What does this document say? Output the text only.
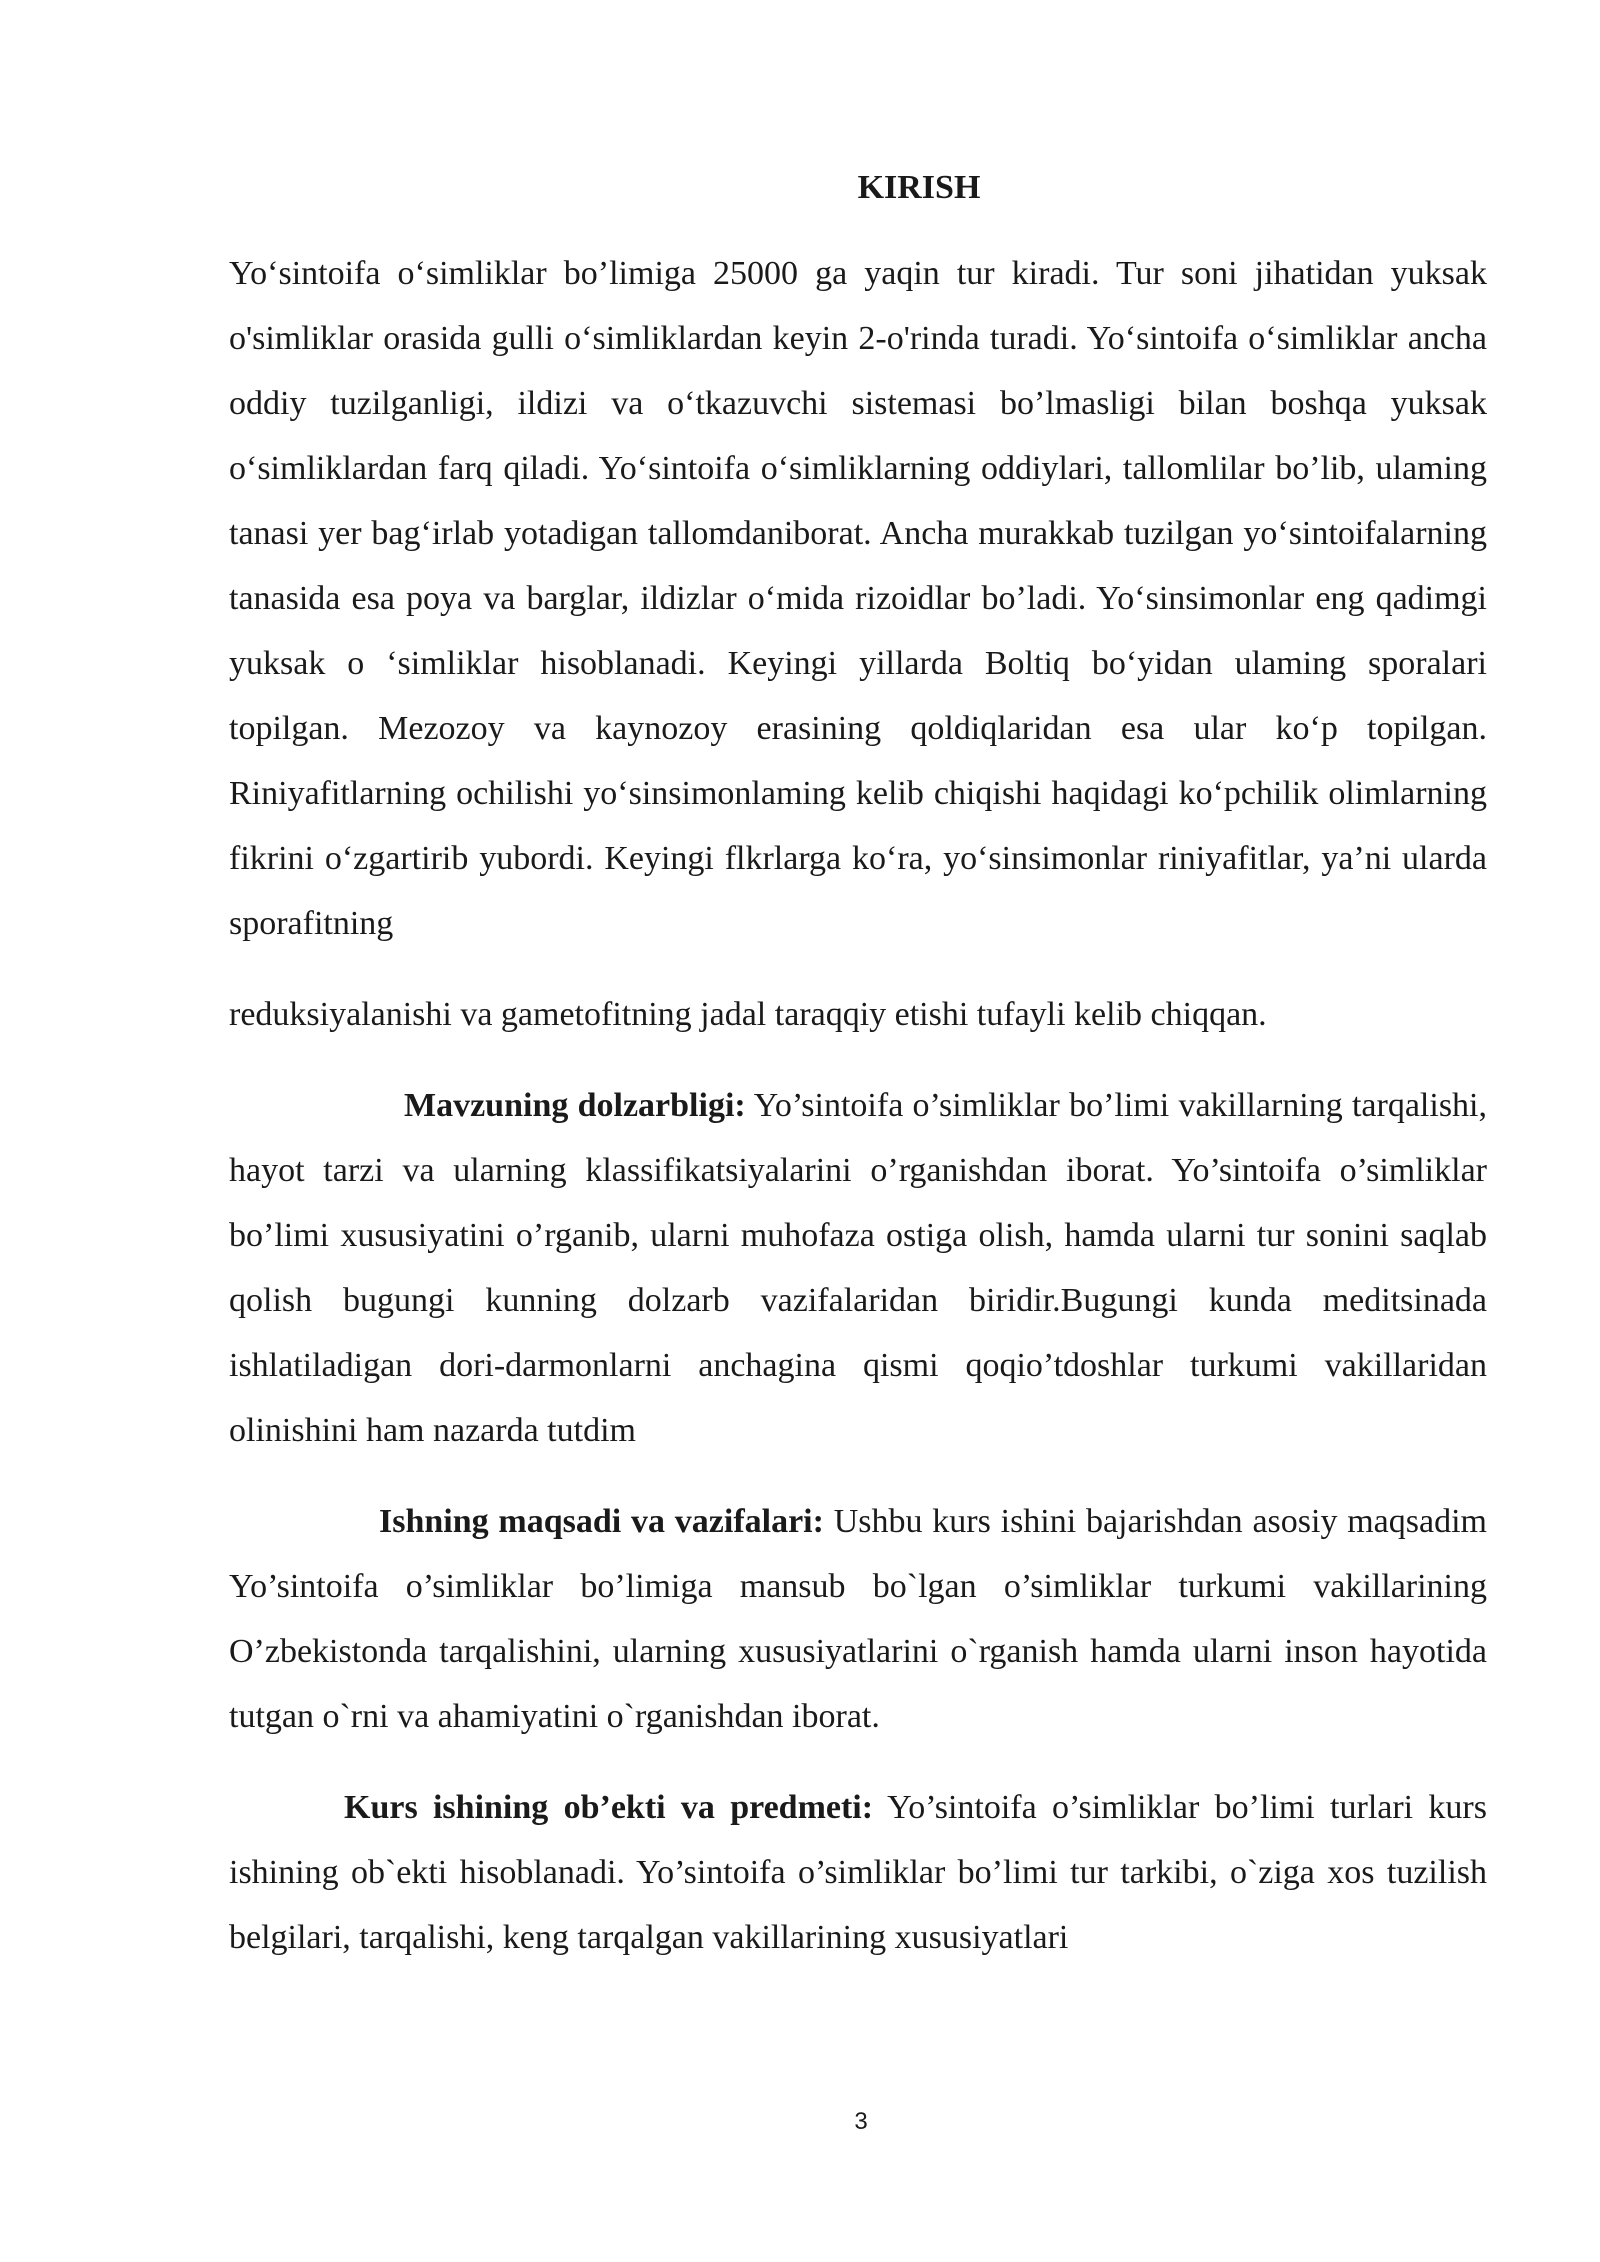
KIRISH

Yo‘sintoifa o‘simliklar bo’limiga 25000 ga yaqin tur kiradi. Tur soni jihatidan yuksak o'simliklar orasida gulli o‘simliklardan keyin 2-o'rinda turadi. Yo‘sintoifa o‘simliklar ancha oddiy tuzilganligi, ildizi va o‘tkazuvchi sistemasi bo’lmasligi bilan boshqa yuksak o‘simliklardan farq qiladi. Yo‘sintoifa o‘simliklarning oddiylari, tallomlilar bo’lib, ulaming tanasi yer bag‘irlab yotadigan tallomdaniborat. Ancha murakkab tuzilgan yo‘sintoifalarning tanasida esa poya va barglar, ildizlar o‘mida rizoidlar bo’ladi. Yo‘sinsimonlar eng qadimgi yuksak o ‘simliklar hisoblanadi. Keyingi yillarda Boltiq bo‘yidan ulaming sporalari topilgan. Mezozoy va kaynozoy erasining qoldiqlaridan esa ular ko‘p topilgan. Riniyafitlarning ochilishi yo‘sinsimonlaming kelib chiqishi haqidagi ko‘pchilik olimlarning fikrini o‘zgartirib yubordi. Keyingi flkrlarga ko‘ra, yo‘sinsimonlar riniyafitlar, ya’ni ularda sporafitning

reduksiyalanishi va gametofitning jadal taraqqiy etishi tufayli kelib chiqqan.

Mavzuning dolzarbligi: Yo’sintoifa o’simliklar bo’limi vakillarning tarqalishi, hayot tarzi va ularning klassifikatsiyalarini o’rganishdan iborat. Yo’sintoifa o’simliklar bo’limi xususiyatini o’rganib, ularni muhofaza ostiga olish, hamda ularni tur sonini saqlab qolish bugungi kunning dolzarb vazifalaridan biridir.Bugungi kunda meditsinada ishlatiladigan dori-darmonlarni anchagina qismi qoqio’tdoshlar turkumi vakillaridan olinishini ham nazarda tutdim

Ishning maqsadi va vazifalari: Ushbu kurs ishini bajarishdan asosiy maqsadim Yo’sintoifa o’simliklar bo’limiga mansub bo`lgan o’simliklar turkumi vakillarining O’zbekistonda tarqalishini, ularning xususiyatlarini o`rganish hamda ularni inson hayotida tutgan o`rni va ahamiyatini o`rganishdan iborat.

Kurs ishining ob’ekti va predmeti: Yo’sintoifa o’simliklar bo’limi turlari kurs ishining ob`ekti hisoblanadi. Yo’sintoifa o’simliklar bo’limi tur tarkibi, o`ziga xos tuzilish belgilari, tarqalishi, keng tarqalgan vakillarining xususiyatlari

3
